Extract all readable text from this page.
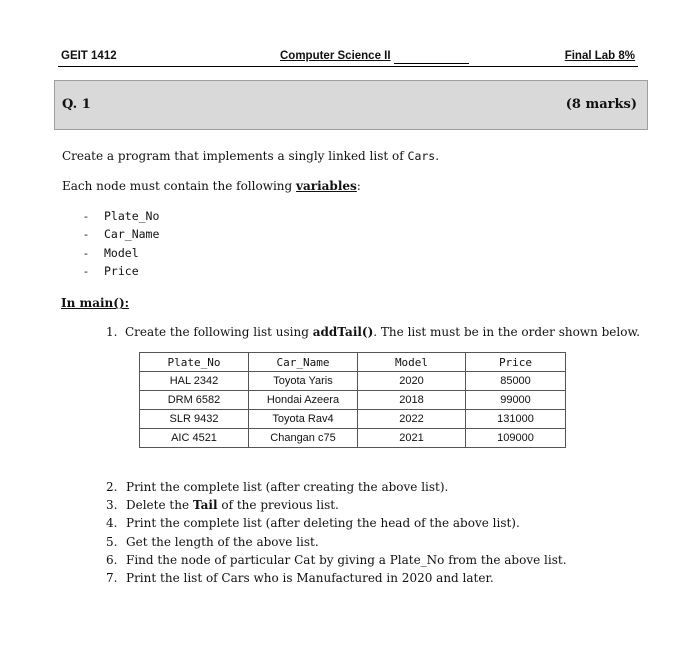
GEIT 1412	Computer Science II	Final Lab 8%
Q. 1	(8 marks)
Create a program that implements a singly linked list of Cars.
Each node must contain the following variables:
-	Plate_No
-	Car_Name
-	Model
-	Price
In main():
1. Create the following list using addTail(). The list must be in the order shown below.
Plate_No	Car_Name	Model	Price
HAL 2342	Toyota Yaris	2020	85000
DRM 6582	Hondai Azeera	2018	99000
SLR 9432	Toyota Rav4	2022	131000
AIC 4521	Changan c75	2021	109000
2. Print the complete list (after creating the above list).
3. Delete the Tail of the previous list.
4. Print the complete list (after deleting the head of the above list).
5. Get the length of the above list.
6. Find the node of particular Cat by giving a Plate_No from the above list.
7. Print the list of Cars who is Manufactured in 2020 and later.
